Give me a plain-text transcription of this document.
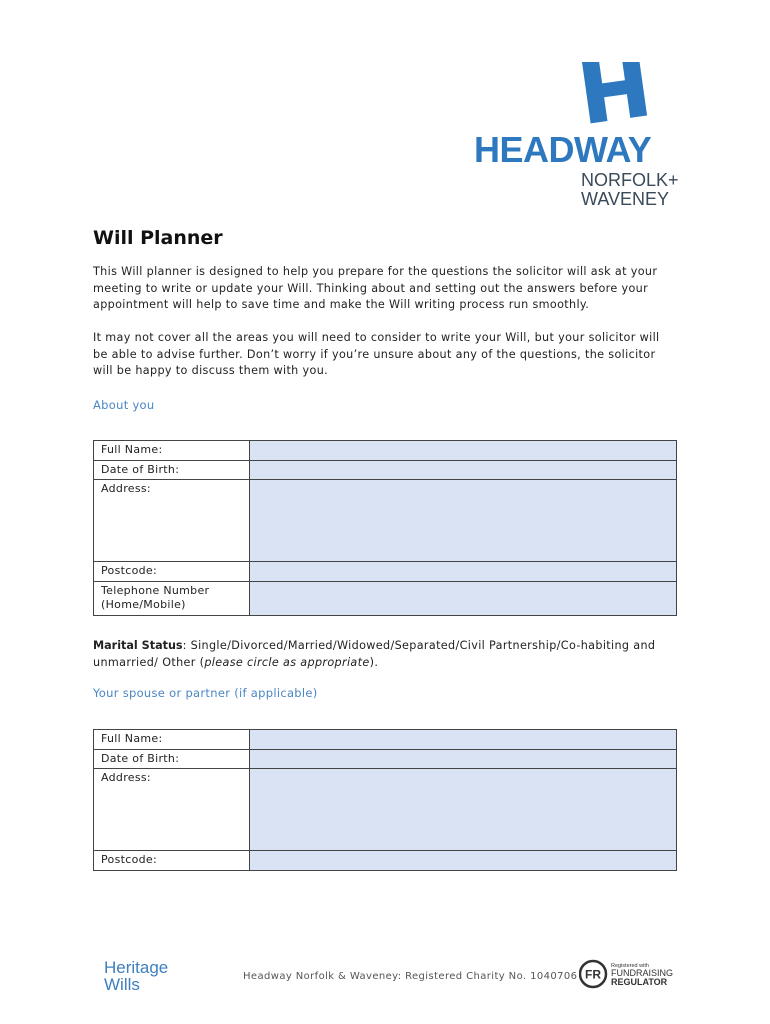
HEADWAY
NORFOLK+
WAVENEY
Will Planner
This Will planner is designed to help you prepare for the questions the solicitor will ask at your meeting to write or update your Will. Thinking about and setting out the answers before your appointment will help to save time and make the Will writing process run smoothly.
It may not cover all the areas you will need to consider to write your Will, but your solicitor will be able to advise further. Don’t worry if you’re unsure about any of the questions, the solicitor will be happy to discuss them with you.
About you
Full Name:	
Date of Birth:	
Address:	
Postcode:	
Telephone Number (Home/Mobile)	
Marital Status: Single/Divorced/Married/Widowed/Separated/Civil Partnership/Co-habiting and unmarried/ Other (please circle as appropriate).
Your spouse or partner (if applicable)
Full Name:	
Date of Birth:	
Address:	
Postcode:	
Heritage
Wills	Headway Norfolk & Waveney: Registered Charity No. 1040706 FR
Registered with
FUNDRAISING
REGULATOR
